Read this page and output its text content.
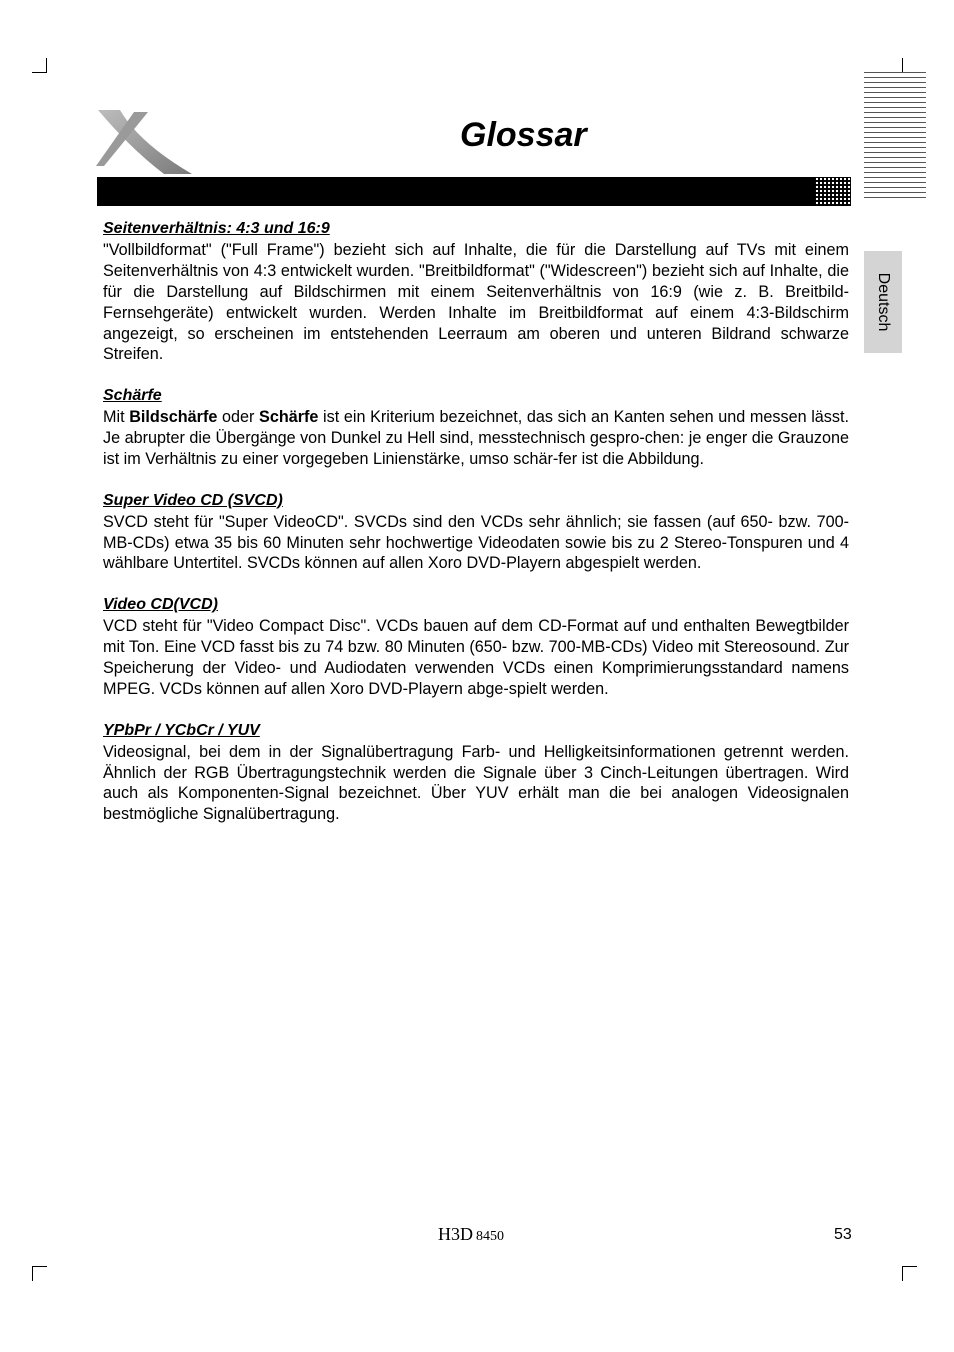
Glossar
Deutsch
Seitenverhältnis: 4:3 und 16:9

"Vollbildformat" ("Full Frame") bezieht sich auf Inhalte, die für die Darstellung auf TVs mit einem Seitenverhältnis von 4:3 entwickelt wurden. "Breitbildformat" ("Widescreen") bezieht sich auf Inhalte, die für die Darstellung auf Bildschirmen mit einem Seitenverhältnis von 16:9 (wie z. B. Breitbild-Fernsehgeräte) entwickelt wurden. Werden Inhalte im Breitbildformat auf einem 4:3-Bildschirm angezeigt, so erscheinen im entstehenden Leerraum am oberen und unteren Bildrand schwarze Streifen.

Schärfe

Mit Bildschärfe oder Schärfe ist ein Kriterium bezeichnet, das sich an Kanten sehen und messen lässt. Je abrupter die Übergänge von Dunkel zu Hell sind, messtechnisch gespro-chen: je enger die Grauzone ist im Verhältnis zu einer vorgegeben Linienstärke, umso schär-fer ist die Abbildung.

Super Video CD (SVCD)

SVCD steht für "Super VideoCD". SVCDs sind den VCDs sehr ähnlich; sie fassen (auf 650- bzw. 700-MB-CDs) etwa 35 bis 60 Minuten sehr hochwertige Videodaten sowie bis zu 2 Stereo-Tonspuren und 4 wählbare Untertitel. SVCDs können auf allen Xoro DVD-Playern abgespielt werden.

Video CD(VCD)

VCD steht für "Video Compact Disc". VCDs bauen auf dem CD-Format auf und enthalten Bewegtbilder mit Ton. Eine VCD fasst bis zu 74 bzw. 80 Minuten (650- bzw. 700-MB-CDs) Video mit Stereosound. Zur Speicherung der Video- und Audiodaten verwenden VCDs einen Komprimierungsstandard namens MPEG. VCDs können auf allen Xoro DVD-Playern abge-spielt werden.

YPbPr / YCbCr / YUV

Videosignal, bei dem in der Signalübertragung Farb- und Helligkeitsinformationen getrennt werden. Ähnlich der RGB Übertragungstechnik werden die Signale über 3 Cinch-Leitungen übertragen. Wird auch als Komponenten-Signal bezeichnet. Über YUV erhält man die bei analogen Videosignalen bestmögliche Signalübertragung.

H3D 8450	53
